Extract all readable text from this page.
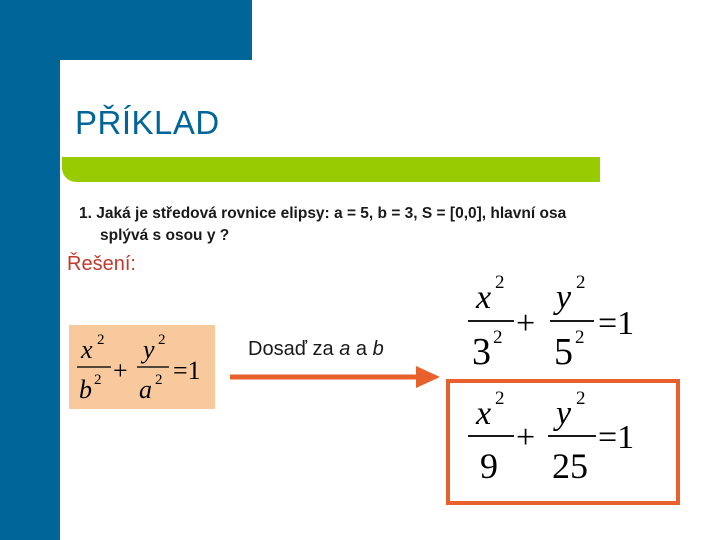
PŘÍKLAD
1. Jaká je středová rovnice elipsy: a = 5, b = 3, S = [0,0], hlavní osa
splývá s osou y ?
Řešení:
x 2
b 2 +
y 2
a 2 =1
Dosaď za a a b
x 2
3 2 +
y 2
5 2 =1
x 2
9
+
y 2
25
=1
